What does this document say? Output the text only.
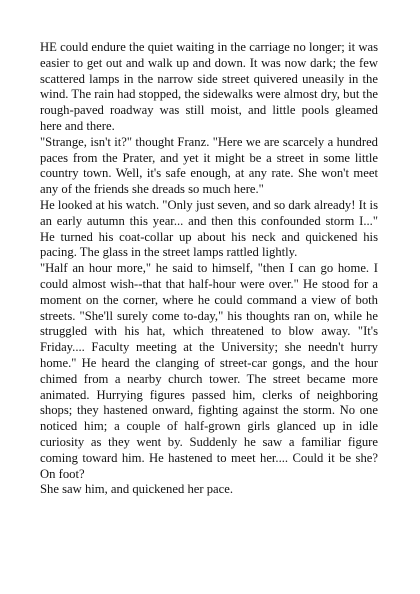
HE could endure the quiet waiting in the carriage no longer; it was easier to get out and walk up and down. It was now dark; the few scattered lamps in the narrow side street quivered uneasily in the wind. The rain had stopped, the sidewalks were almost dry, but the rough-paved roadway was still moist, and little pools gleamed here and there.

"Strange, isn't it?" thought Franz. "Here we are scarcely a hundred paces from the Prater, and yet it might be a street in some little country town. Well, it's safe enough, at any rate. She won't meet any of the friends she dreads so much here."

He looked at his watch. "Only just seven, and so dark already! It is an early autumn this year... and then this confounded storm I..." He turned his coat-collar up about his neck and quickened his pacing. The glass in the street lamps rattled lightly.

"Half an hour more," he said to himself, "then I can go home. I could almost wish--that that half-hour were over." He stood for a moment on the corner, where he could command a view of both streets. "She'll surely come to-day," his thoughts ran on, while he struggled with his hat, which threatened to blow away. "It's Friday.... Faculty meeting at the University; she needn't hurry home." He heard the clanging of street-car gongs, and the hour chimed from a nearby church tower. The street became more animated. Hurrying figures passed him, clerks of neighboring shops; they hastened onward, fighting against the storm. No one noticed him; a couple of half-grown girls glanced up in idle curiosity as they went by. Suddenly he saw a familiar figure coming toward him. He hastened to meet her.... Could it be she? On foot?

She saw him, and quickened her pace.
